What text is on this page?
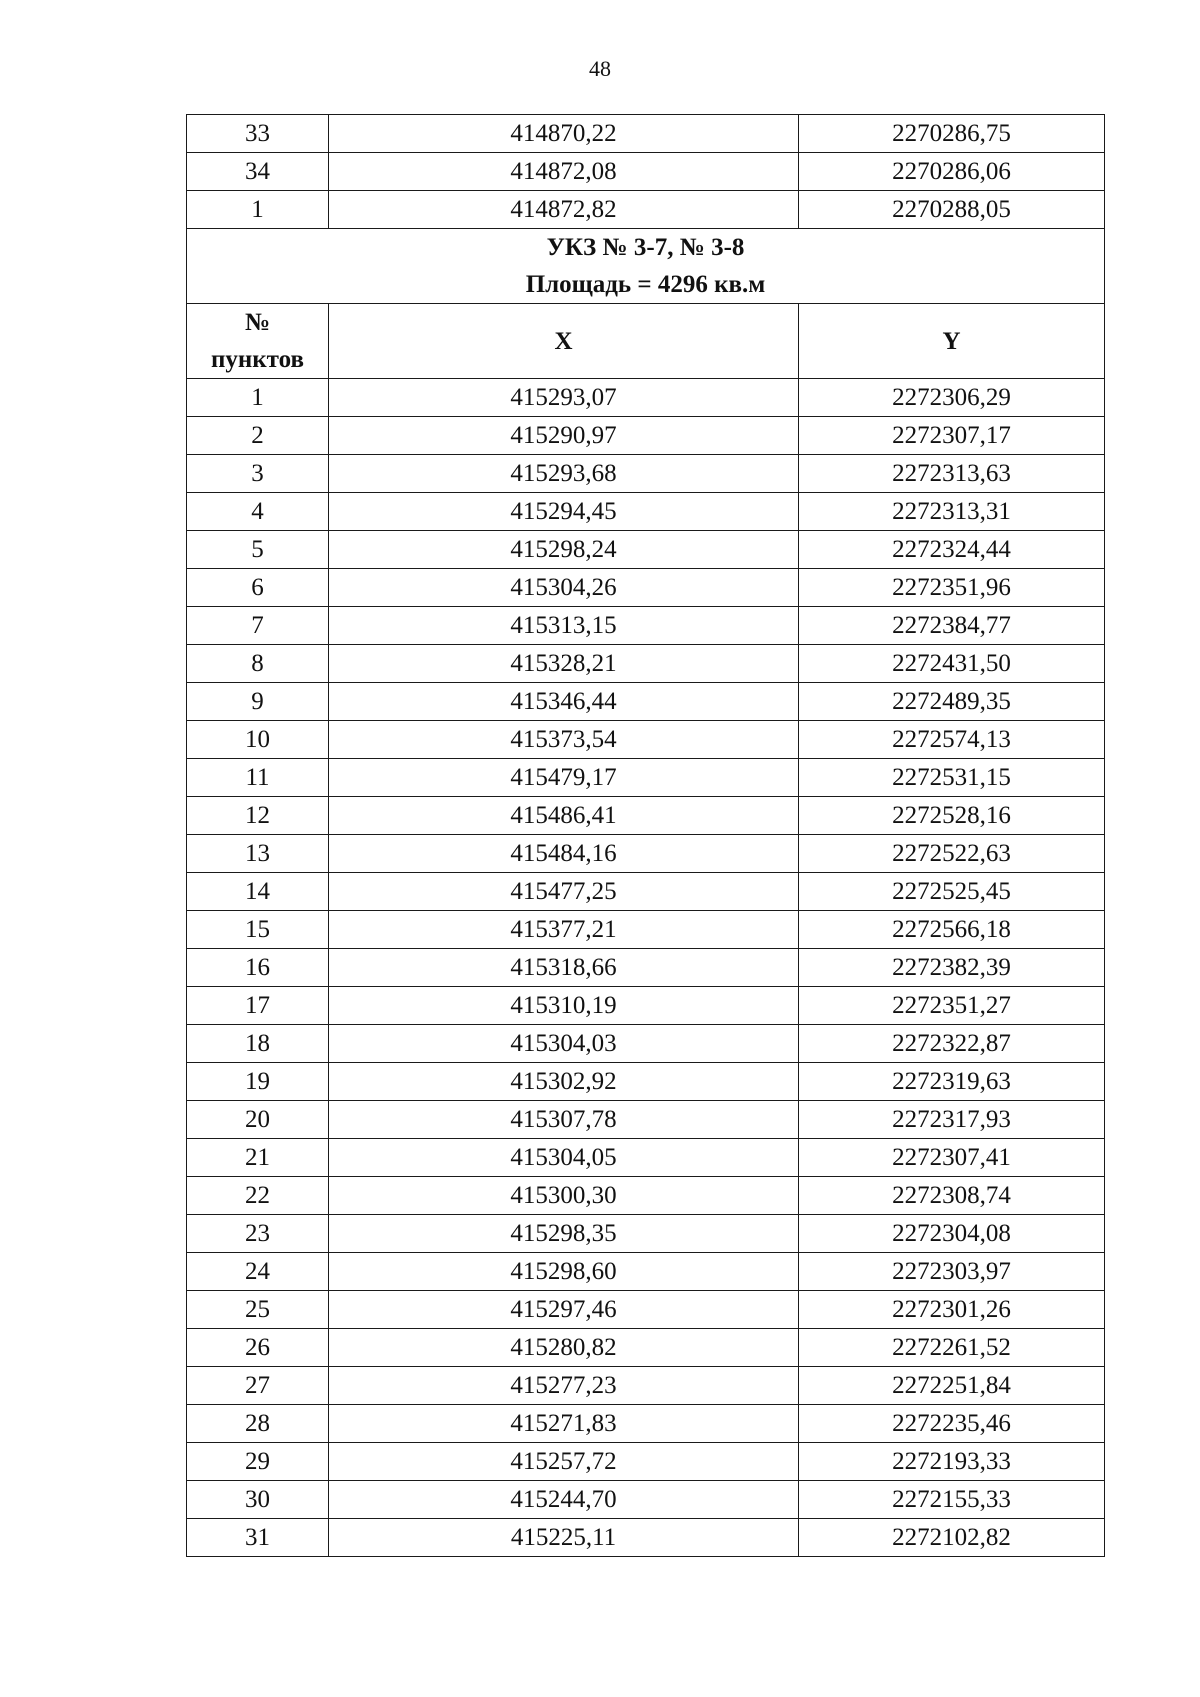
48
33	414870,22	2270286,75
34	414872,08	2270286,06
1	414872,82	2270288,05

УКЗ № 3-7, № 3-8
Площадь = 4296 кв.м		

№
пунктов	X	Y
1	415293,07	2272306,29
2	415290,97	2272307,17
3	415293,68	2272313,63
4	415294,45	2272313,31
5	415298,24	2272324,44
6	415304,26	2272351,96
7	415313,15	2272384,77
8	415328,21	2272431,50
9	415346,44	2272489,35
10	415373,54	2272574,13
11	415479,17	2272531,15
12	415486,41	2272528,16
13	415484,16	2272522,63
14	415477,25	2272525,45
15	415377,21	2272566,18
16	415318,66	2272382,39
17	415310,19	2272351,27
18	415304,03	2272322,87
19	415302,92	2272319,63
20	415307,78	2272317,93
21	415304,05	2272307,41
22	415300,30	2272308,74
23	415298,35	2272304,08
24	415298,60	2272303,97
25	415297,46	2272301,26
26	415280,82	2272261,52
27	415277,23	2272251,84
28	415271,83	2272235,46
29	415257,72	2272193,33
30	415244,70	2272155,33
31	415225,11	2272102,82
